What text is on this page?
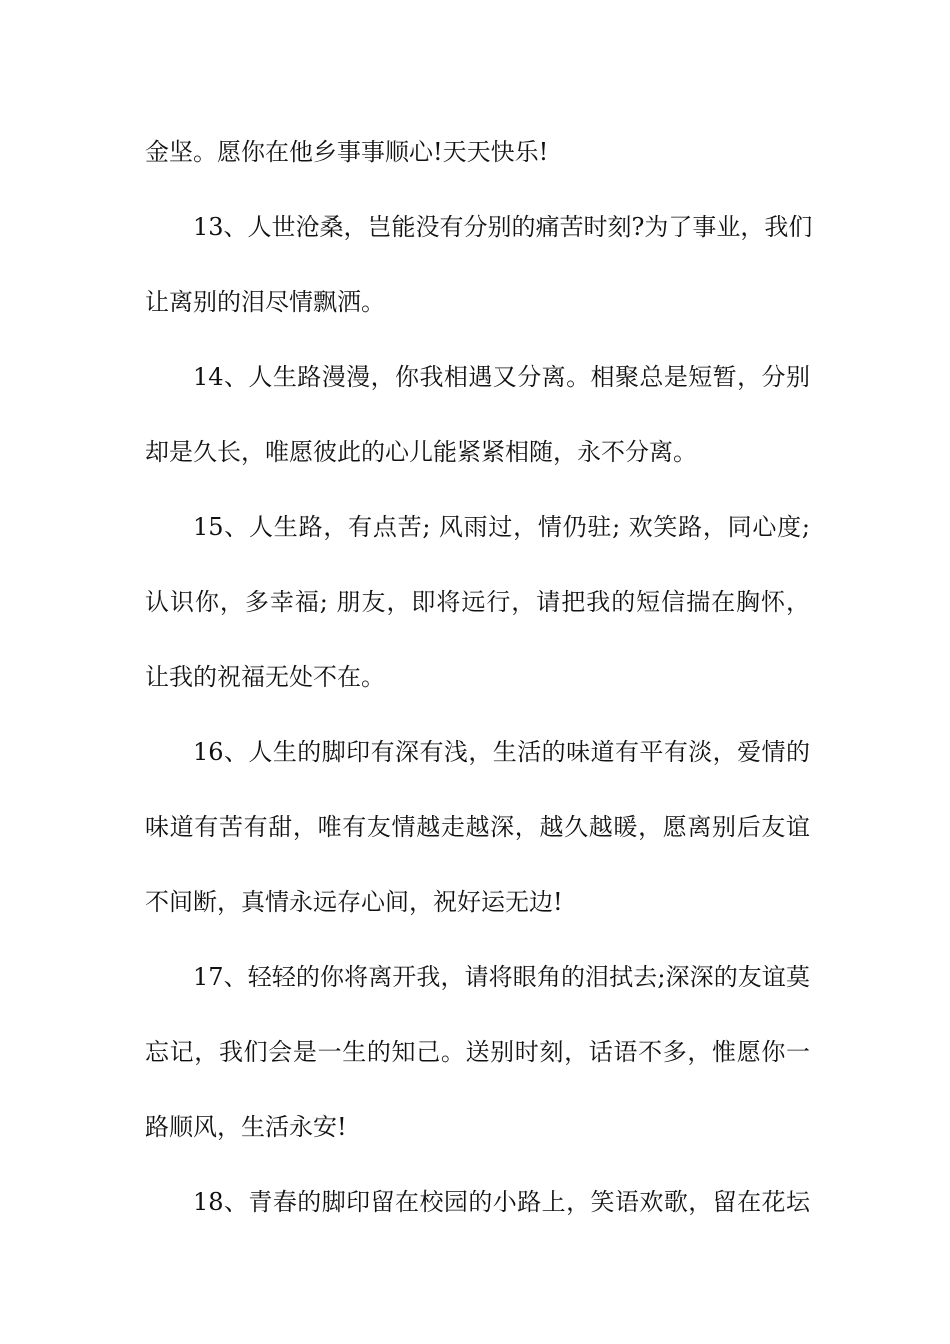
金坚。愿你在他乡事事顺心!天天快乐!
13、人世沧桑，岂能没有分别的痛苦时刻?为了事业，我们
让离别的泪尽情飘洒。
14、人生路漫漫，你我相遇又分离。相聚总是短暂，分别
却是久长，唯愿彼此的心儿能紧紧相随，永不分离。
15、人生路，有点苦; 风雨过，情仍驻; 欢笑路，同心度;
认识你，多幸福; 朋友，即将远行，请把我的短信揣在胸怀，
让我的祝福无处不在。
16、人生的脚印有深有浅，生活的味道有平有淡，爱情的
味道有苦有甜，唯有友情越走越深，越久越暖，愿离别后友谊
不间断，真情永远存心间，祝好运无边!
17、轻轻的你将离开我，请将眼角的泪拭去;深深的友谊莫
忘记，我们会是一生的知己。送别时刻，话语不多，惟愿你一
路顺风，生活永安!
18、青春的脚印留在校园的小路上，笑语欢歌，留在花坛
